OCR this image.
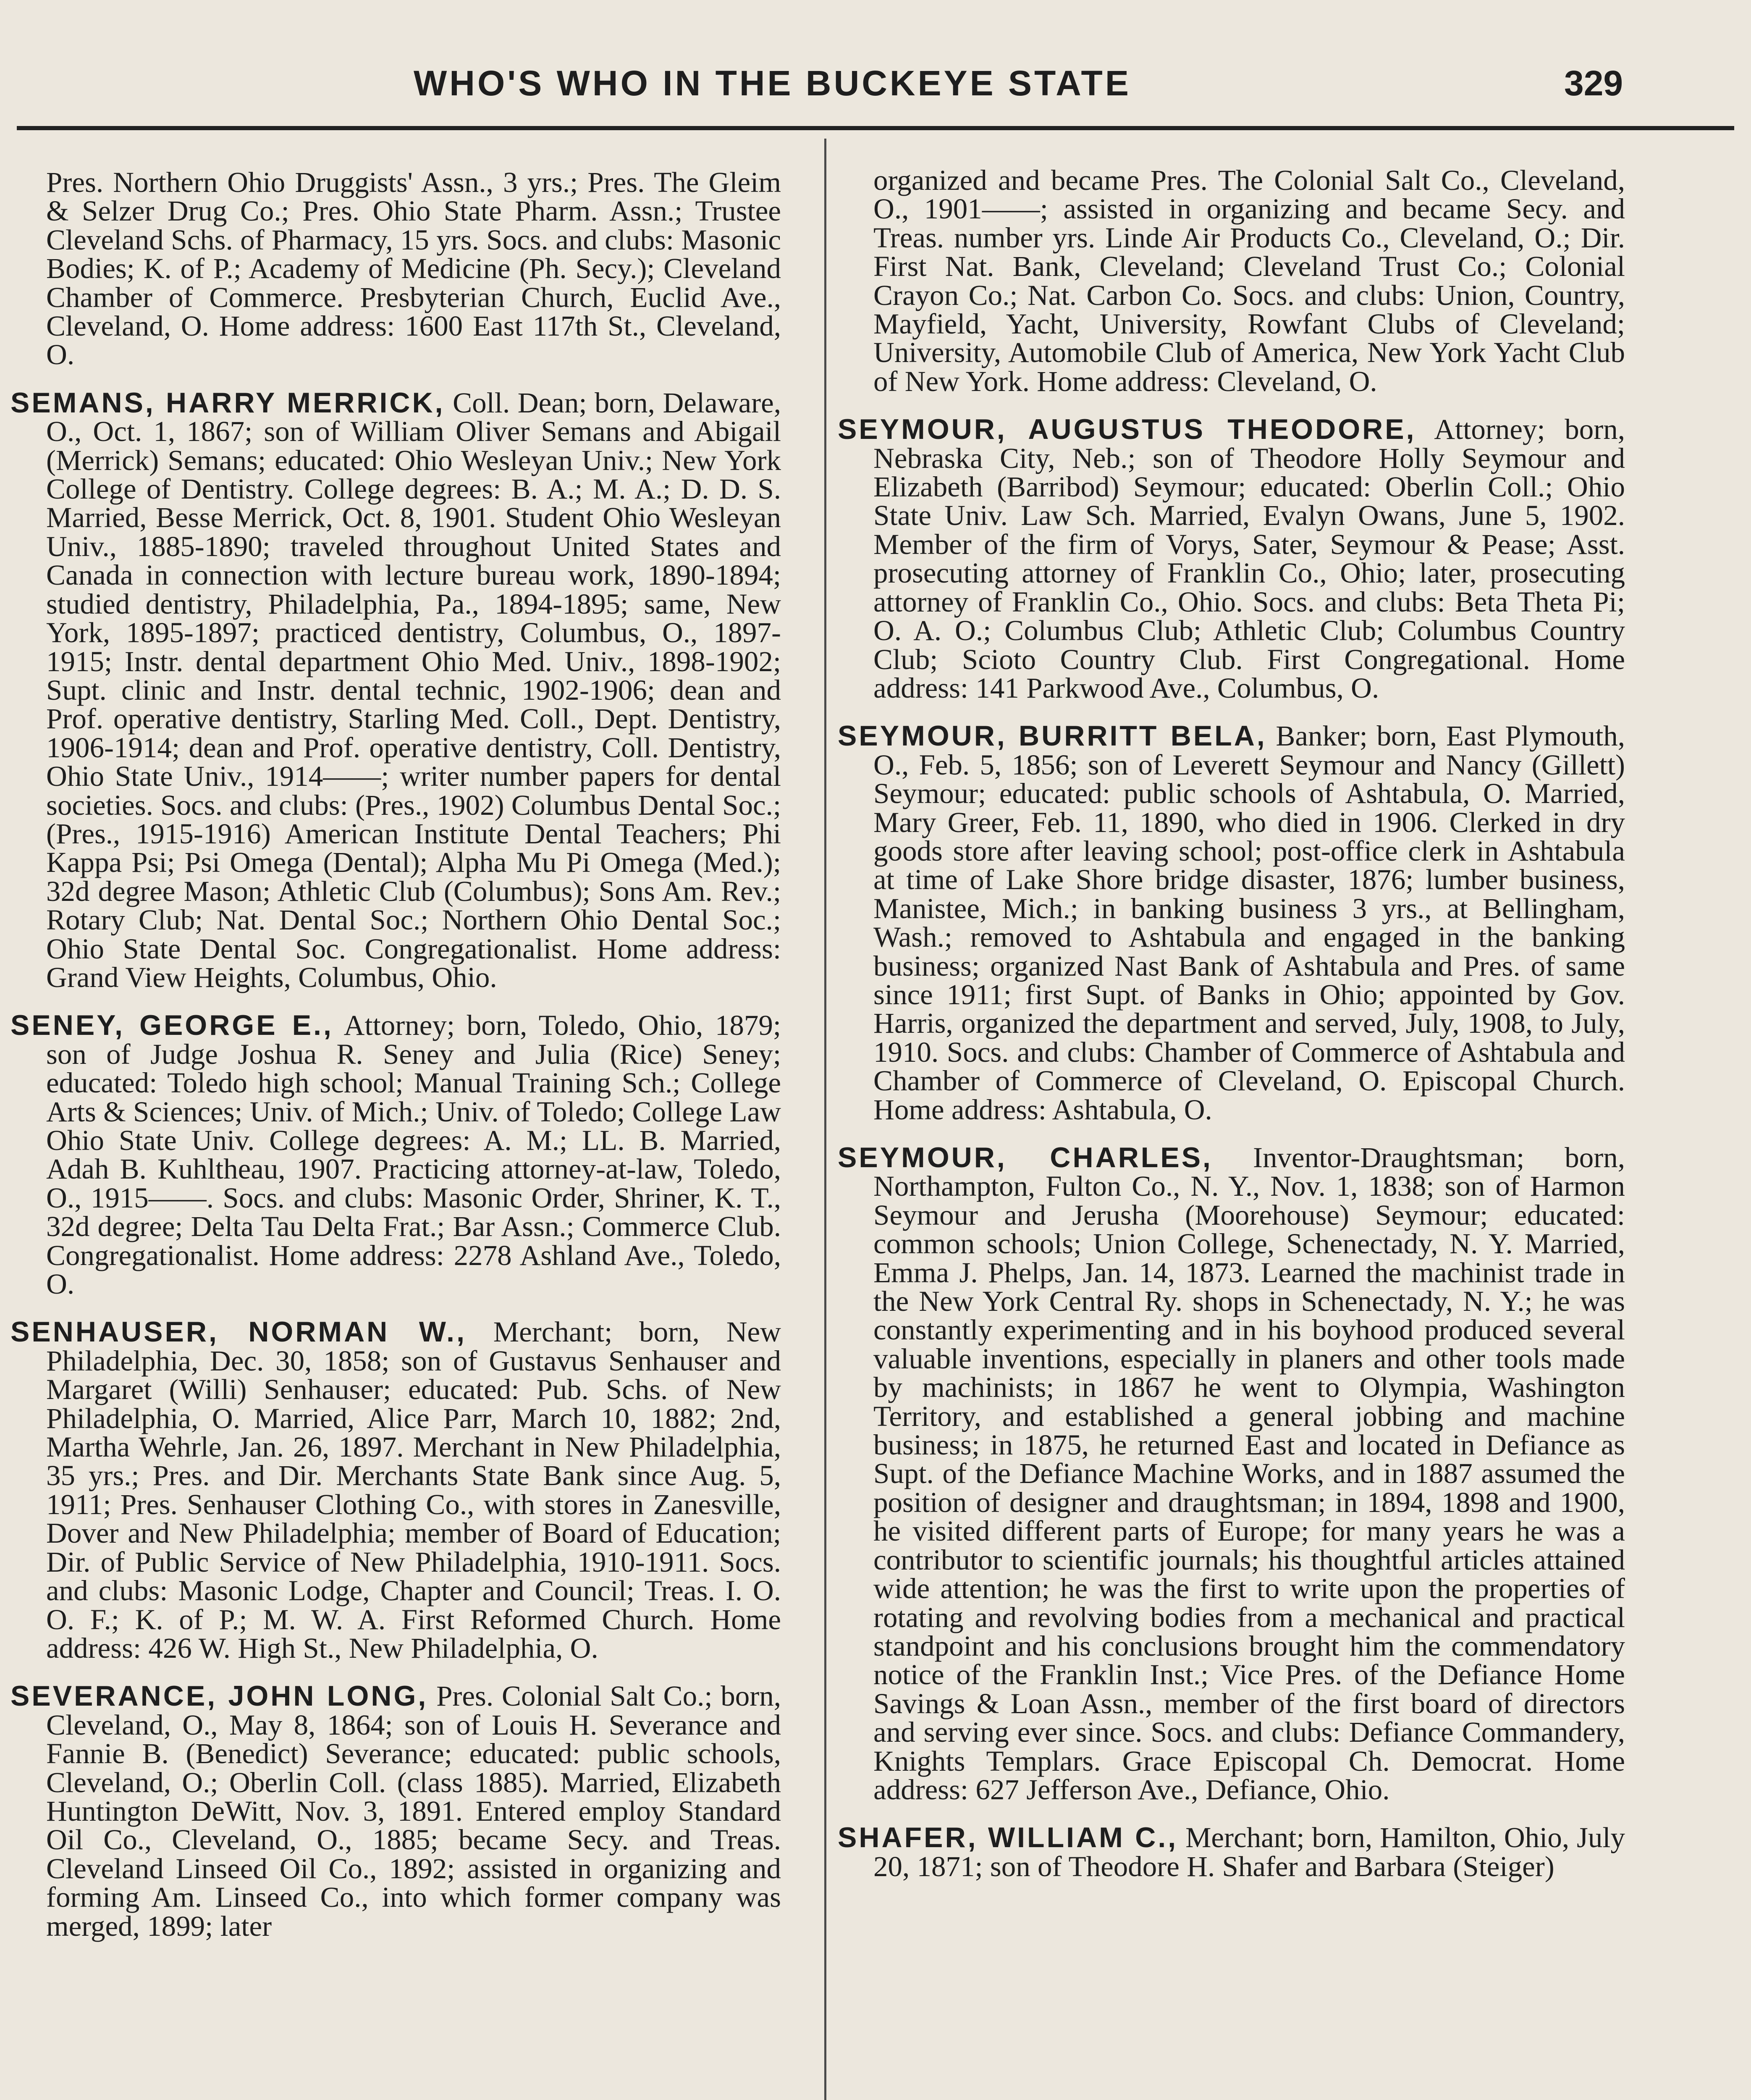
WHO'S WHO IN THE BUCKEYE STATE	329

Pres. Northern Ohio Druggists' Assn., 3 yrs.; Pres. The Gleim & Selzer Drug Co.; Pres. Ohio State Pharm. Assn.; Trustee Cleveland Schs. of Pharmacy, 15 yrs. Socs. and clubs: Masonic Bodies; K. of P.; Academy of Medicine (Ph. Secy.); Cleveland Chamber of Commerce. Presbyterian Church, Euclid Ave., Cleveland, O. Home address: 1600 East 117th St., Cleveland, O.

SEMANS, HARRY MERRICK, Coll. Dean; born, Delaware, O., Oct. 1, 1867; son of William Oliver Semans and Abigail (Merrick) Semans; educated: Ohio Wesleyan Univ.; New York College of Dentistry. College degrees: B. A.; M. A.; D. D. S. Married, Besse Merrick, Oct. 8, 1901. Student Ohio Wesleyan Univ., 1885-1890; traveled throughout United States and Canada in connection with lecture bureau work, 1890-1894; studied dentistry, Philadelphia, Pa., 1894-1895; same, New York, 1895-1897; practiced dentistry, Columbus, O., 1897-1915; Instr. dental department Ohio Med. Univ., 1898-1902; Supt. clinic and Instr. dental technic, 1902-1906; dean and Prof. operative dentistry, Starling Med. Coll., Dept. Dentistry, 1906-1914; dean and Prof. operative dentistry, Coll. Dentistry, Ohio State Univ., 1914——; writer number papers for dental societies. Socs. and clubs: (Pres., 1902) Columbus Dental Soc.; (Pres., 1915-1916) American Institute Dental Teachers; Phi Kappa Psi; Psi Omega (Dental); Alpha Mu Pi Omega (Med.); 32d degree Mason; Athletic Club (Columbus); Sons Am. Rev.; Rotary Club; Nat. Dental Soc.; Northern Ohio Dental Soc.; Ohio State Dental Soc. Congregationalist. Home address: Grand View Heights, Columbus, Ohio.

SENEY, GEORGE E., Attorney; born, Toledo, Ohio, 1879; son of Judge Joshua R. Seney and Julia (Rice) Seney; educated: Toledo high school; Manual Training Sch.; College Arts & Sciences; Univ. of Mich.; Univ. of Toledo; College Law Ohio State Univ. College degrees: A. M.; LL. B. Married, Adah B. Kuhltheau, 1907. Practicing attorney-at-law, Toledo, O., 1915——. Socs. and clubs: Masonic Order, Shriner, K. T., 32d degree; Delta Tau Delta Frat.; Bar Assn.; Commerce Club. Congregationalist. Home address: 2278 Ashland Ave., Toledo, O.

SENHAUSER, NORMAN W., Merchant; born, New Philadelphia, Dec. 30, 1858; son of Gustavus Senhauser and Margaret (Willi) Senhauser; educated: Pub. Schs. of New Philadelphia, O. Married, Alice Parr, March 10, 1882; 2nd, Martha Wehrle, Jan. 26, 1897. Merchant in New Philadelphia, 35 yrs.; Pres. and Dir. Merchants State Bank since Aug. 5, 1911; Pres. Senhauser Clothing Co., with stores in Zanesville, Dover and New Philadelphia; member of Board of Education; Dir. of Public Service of New Philadelphia, 1910-1911. Socs. and clubs: Masonic Lodge, Chapter and Council; Treas. I. O. O. F.; K. of P.; M. W. A. First Reformed Church. Home address: 426 W. High St., New Philadelphia, O.

SEVERANCE, JOHN LONG, Pres. Colonial Salt Co.; born, Cleveland, O., May 8, 1864; son of Louis H. Severance and Fannie B. (Benedict) Severance; educated: public schools, Cleveland, O.; Oberlin Coll. (class 1885). Married, Elizabeth Huntington DeWitt, Nov. 3, 1891. Entered employ Standard Oil Co., Cleveland, O., 1885; became Secy. and Treas. Cleveland Linseed Oil Co., 1892; assisted in organizing and forming Am. Linseed Co., into which former company was merged, 1899; later

organized and became Pres. The Colonial Salt Co., Cleveland, O., 1901——; assisted in organizing and became Secy. and Treas. number yrs. Linde Air Products Co., Cleveland, O.; Dir. First Nat. Bank, Cleveland; Cleveland Trust Co.; Colonial Crayon Co.; Nat. Carbon Co. Socs. and clubs: Union, Country, Mayfield, Yacht, University, Rowfant Clubs of Cleveland; University, Automobile Club of America, New York Yacht Club of New York. Home address: Cleveland, O.

SEYMOUR, AUGUSTUS THEODORE, Attorney; born, Nebraska City, Neb.; son of Theodore Holly Seymour and Elizabeth (Barribod) Seymour; educated: Oberlin Coll.; Ohio State Univ. Law Sch. Married, Evalyn Owans, June 5, 1902. Member of the firm of Vorys, Sater, Seymour & Pease; Asst. prosecuting attorney of Franklin Co., Ohio; later, prosecuting attorney of Franklin Co., Ohio. Socs. and clubs: Beta Theta Pi; O. A. O.; Columbus Club; Athletic Club; Columbus Country Club; Scioto Country Club. First Congregational. Home address: 141 Parkwood Ave., Columbus, O.

SEYMOUR, BURRITT BELA, Banker; born, East Plymouth, O., Feb. 5, 1856; son of Leverett Seymour and Nancy (Gillett) Seymour; educated: public schools of Ashtabula, O. Married, Mary Greer, Feb. 11, 1890, who died in 1906. Clerked in dry goods store after leaving school; post-office clerk in Ashtabula at time of Lake Shore bridge disaster, 1876; lumber business, Manistee, Mich.; in banking business 3 yrs., at Bellingham, Wash.; removed to Ashtabula and engaged in the banking business; organized Nast Bank of Ashtabula and Pres. of same since 1911; first Supt. of Banks in Ohio; appointed by Gov. Harris, organized the department and served, July, 1908, to July, 1910. Socs. and clubs: Chamber of Commerce of Ashtabula and Chamber of Commerce of Cleveland, O. Episcopal Church. Home address: Ashtabula, O.

SEYMOUR, CHARLES, Inventor-Draughtsman; born, Northampton, Fulton Co., N. Y., Nov. 1, 1838; son of Harmon Seymour and Jerusha (Moorehouse) Seymour; educated: common schools; Union College, Schenectady, N. Y. Married, Emma J. Phelps, Jan. 14, 1873. Learned the machinist trade in the New York Central Ry. shops in Schenectady, N. Y.; he was constantly experimenting and in his boyhood produced several valuable inventions, especially in planers and other tools made by machinists; in 1867 he went to Olympia, Washington Territory, and established a general jobbing and machine business; in 1875, he returned East and located in Defiance as Supt. of the Defiance Machine Works, and in 1887 assumed the position of designer and draughtsman; in 1894, 1898 and 1900, he visited different parts of Europe; for many years he was a contributor to scientific journals; his thoughtful articles attained wide attention; he was the first to write upon the properties of rotating and revolving bodies from a mechanical and practical standpoint and his conclusions brought him the commendatory notice of the Franklin Inst.; Vice Pres. of the Defiance Home Savings & Loan Assn., member of the first board of directors and serving ever since. Socs. and clubs: Defiance Commandery, Knights Templars. Grace Episcopal Ch. Democrat. Home address: 627 Jefferson Ave., Defiance, Ohio.

SHAFER, WILLIAM C., Merchant; born, Hamilton, Ohio, July 20, 1871; son of Theodore H. Shafer and Barbara (Steiger)
